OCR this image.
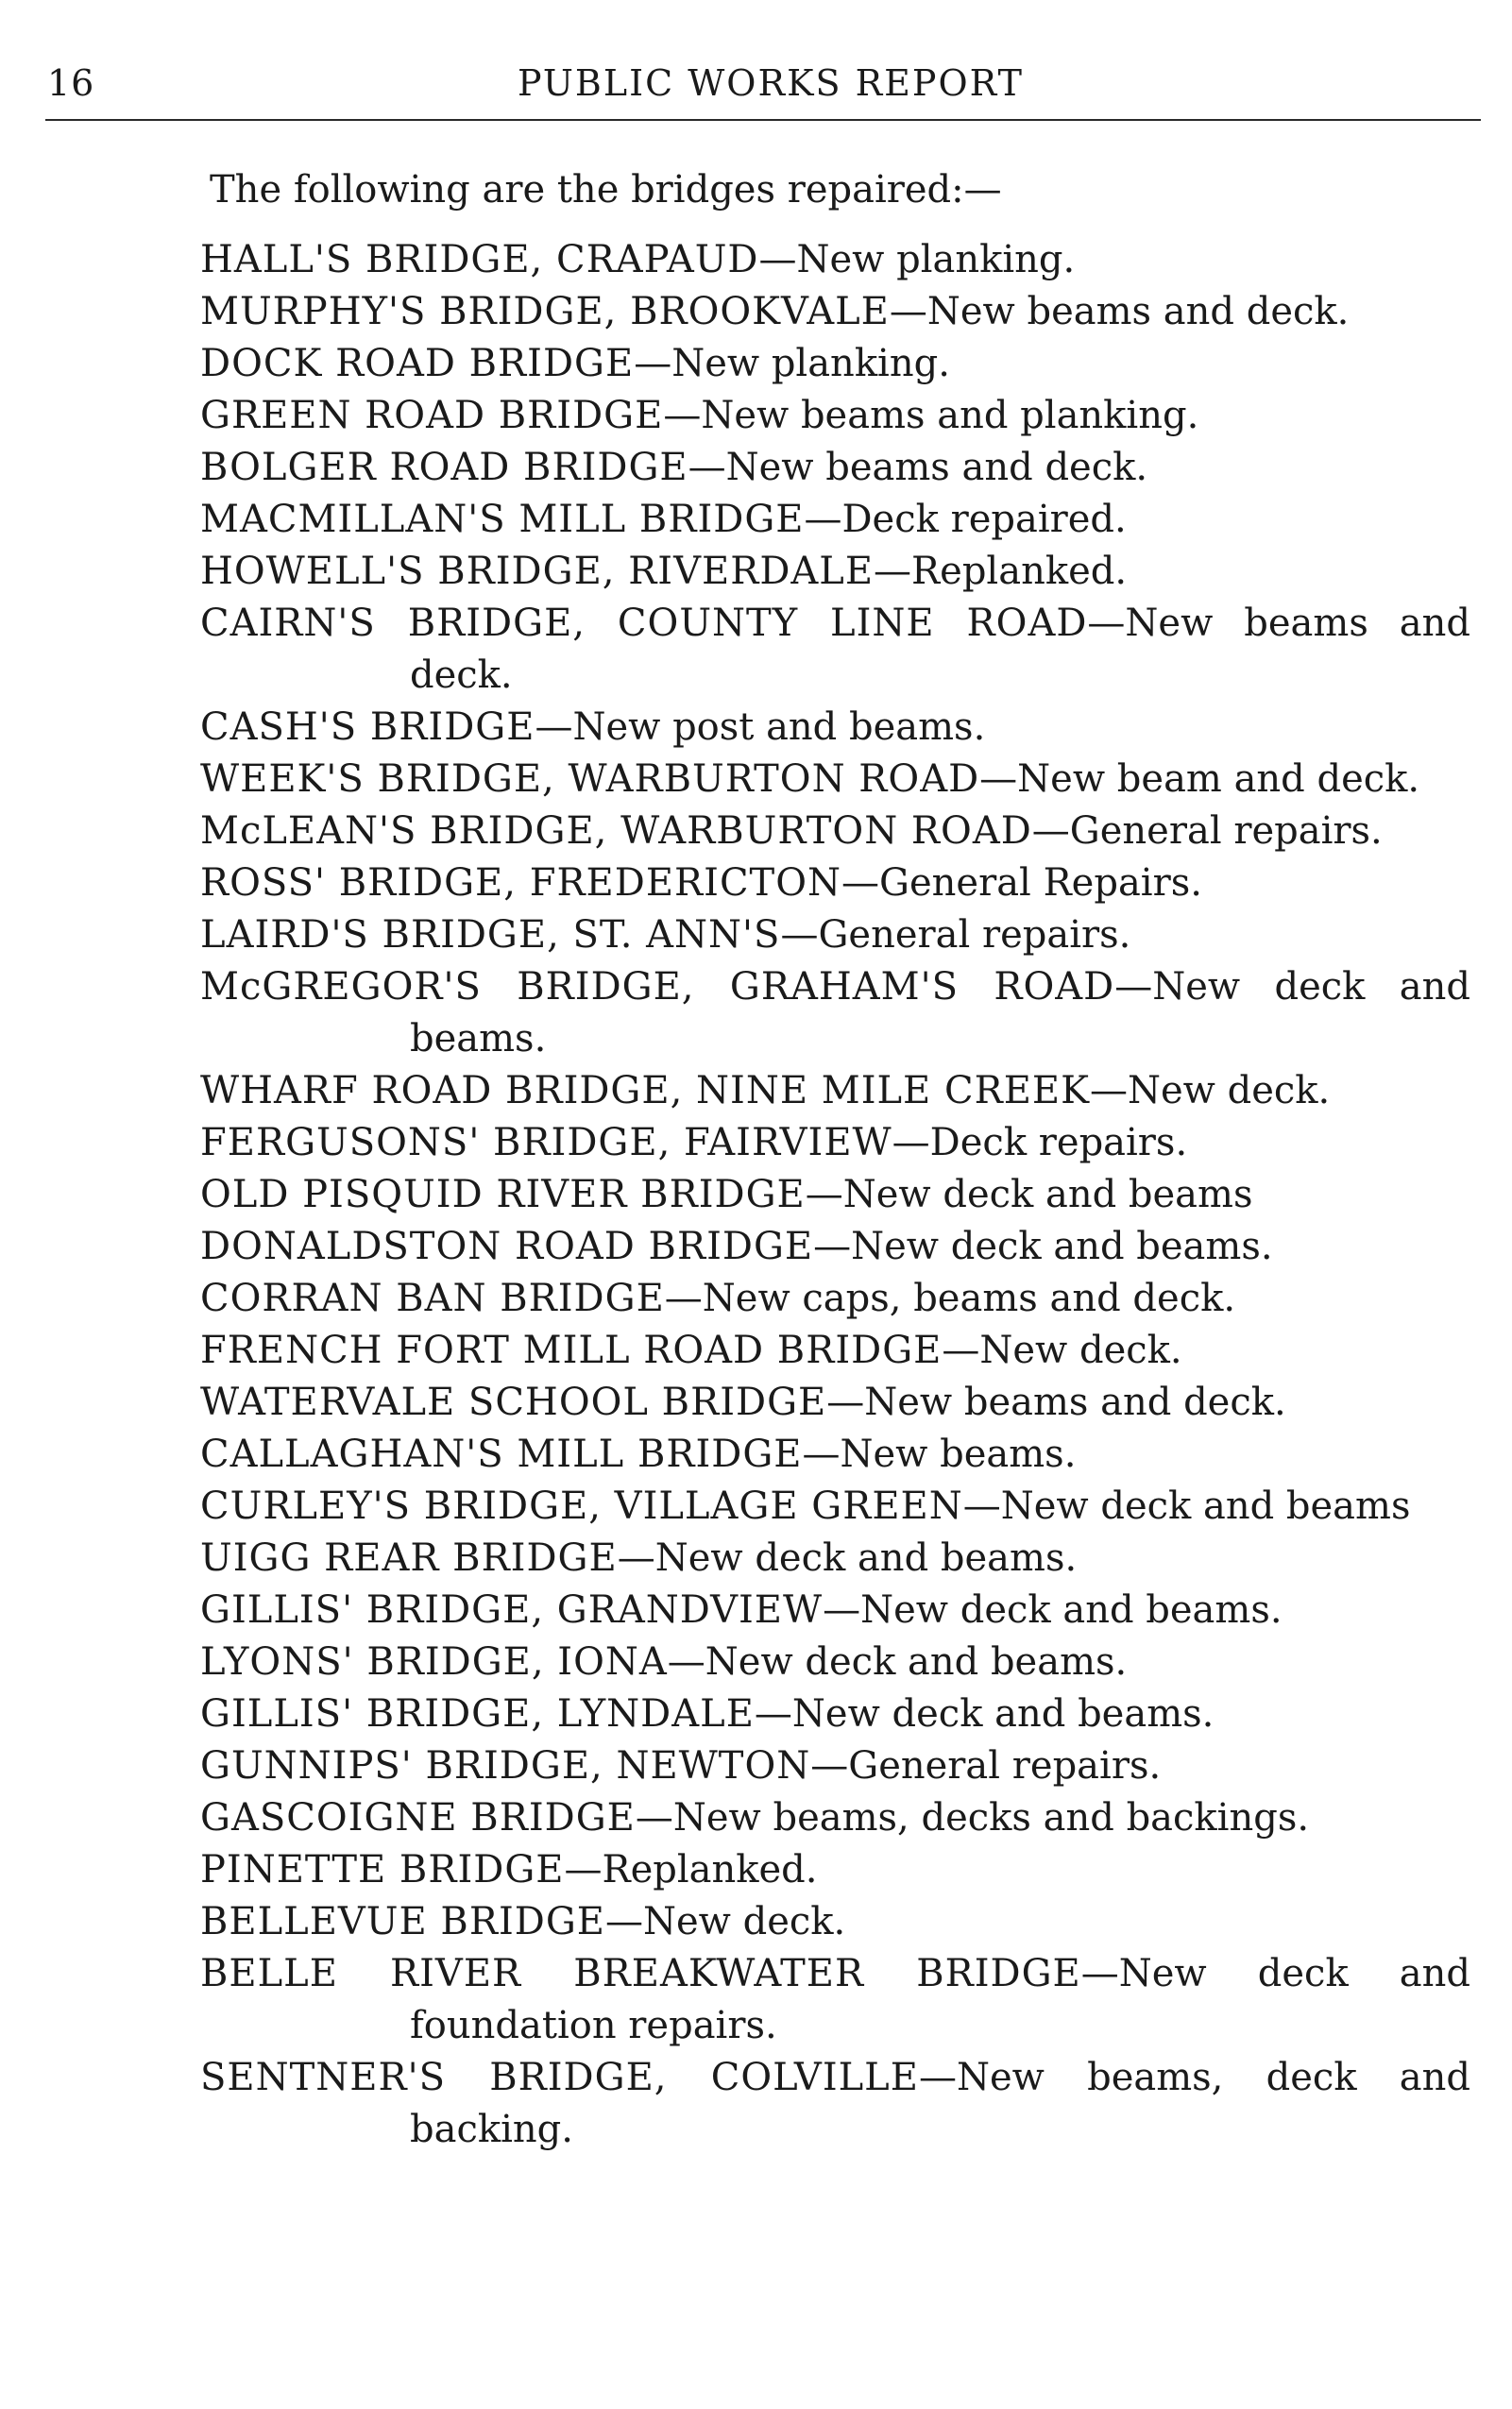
16	PUBLIC WORKS REPORT
The following are the bridges repaired:—
HALL'S BRIDGE, CRAPAUD—New planking.
MURPHY'S BRIDGE, BROOKVALE—New beams and deck.
DOCK ROAD BRIDGE—New planking.
GREEN ROAD BRIDGE—New beams and planking.
BOLGER ROAD BRIDGE—New beams and deck.
MACMILLAN'S MILL BRIDGE—Deck repaired.
HOWELL'S BRIDGE, RIVERDALE—Replanked.
CAIRN'S BRIDGE, COUNTY LINE ROAD—New beams and deck.
CASH'S BRIDGE—New post and beams.
WEEK'S BRIDGE, WARBURTON ROAD—New beam and deck.
McLEAN'S BRIDGE, WARBURTON ROAD—General repairs.
ROSS' BRIDGE, FREDERICTON—General Repairs.
LAIRD'S BRIDGE, ST. ANN'S—General repairs.
McGREGOR'S BRIDGE, GRAHAM'S ROAD—New deck and beams.
WHARF ROAD BRIDGE, NINE MILE CREEK—New deck.
FERGUSONS' BRIDGE, FAIRVIEW—Deck repairs.
OLD PISQUID RIVER BRIDGE—New deck and beams
DONALDSTON ROAD BRIDGE—New deck and beams.
CORRAN BAN BRIDGE—New caps, beams and deck.
FRENCH FORT MILL ROAD BRIDGE—New deck.
WATERVALE SCHOOL BRIDGE—New beams and deck.
CALLAGHAN'S MILL BRIDGE—New beams.
CURLEY'S BRIDGE, VILLAGE GREEN—New deck and beams
UIGG REAR BRIDGE—New deck and beams.
GILLIS' BRIDGE, GRANDVIEW—New deck and beams.
LYONS' BRIDGE, IONA—New deck and beams.
GILLIS' BRIDGE, LYNDALE—New deck and beams.
GUNNIPS' BRIDGE, NEWTON—General repairs.
GASCOIGNE BRIDGE—New beams, decks and backings.
PINETTE BRIDGE—Replanked.
BELLEVUE BRIDGE—New deck.
BELLE RIVER BREAKWATER BRIDGE—New deck and foundation repairs.
SENTNER'S BRIDGE, COLVILLE—New beams, deck and backing.
